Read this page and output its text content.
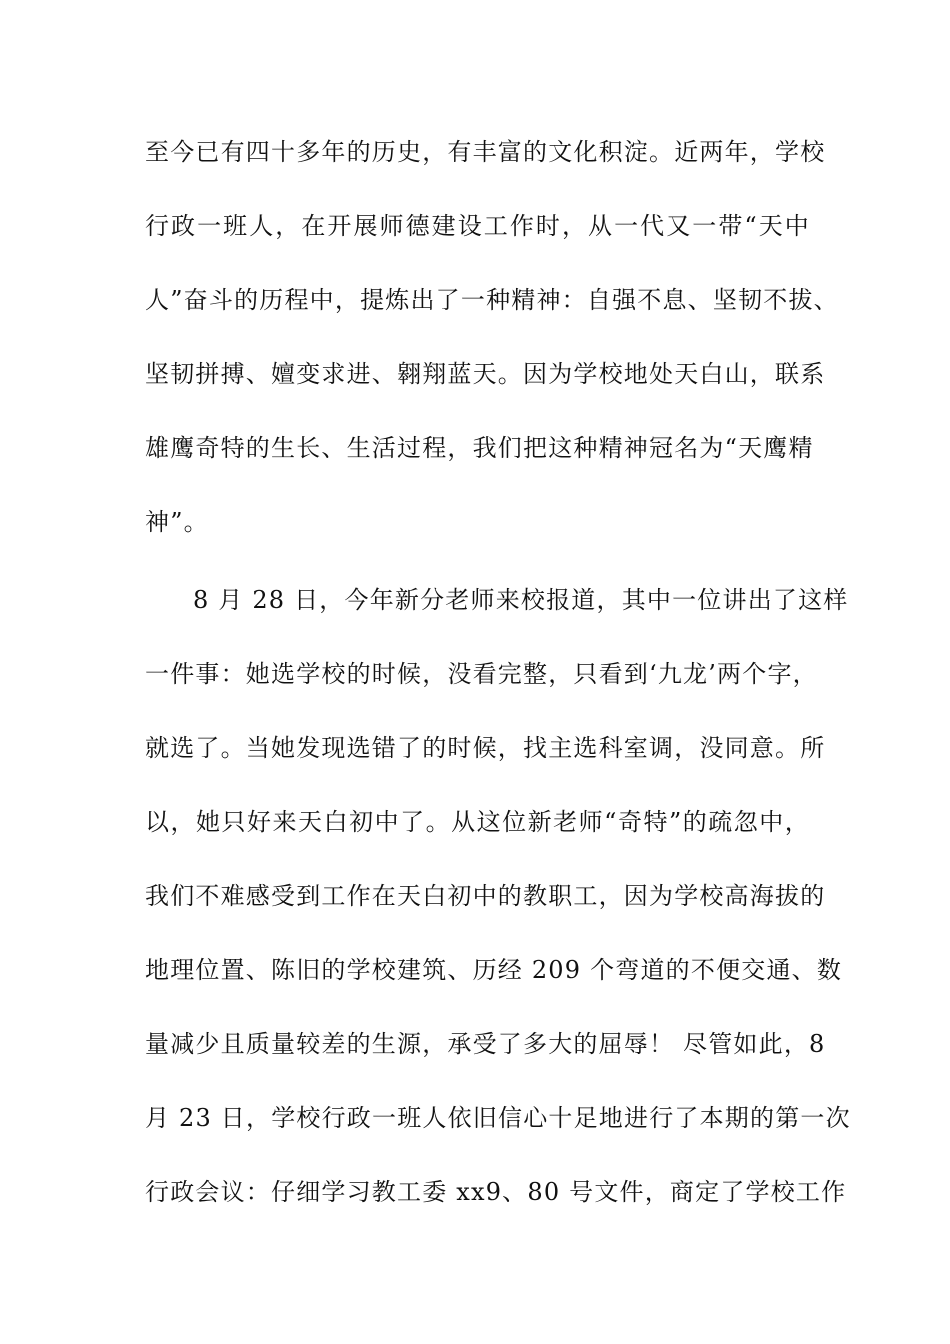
至今已有四十多年的历史，有丰富的文化积淀。近两年，学校
行政一班人，在开展师德建设工作时，从一代又一带“天中
人”奋斗的历程中，提炼出了一种精神：自强不息、坚韧不拔、
坚韧拼搏、嬗变求进、翱翔蓝天。因为学校地处天白山，联系
雄鹰奇特的生长、生活过程，我们把这种精神冠名为“天鹰精
神”。
8 月 28 日，今年新分老师来校报道，其中一位讲出了这样
一件事：她选学校的时候，没看完整，只看到‘九龙’两个字，
就选了。当她发现选错了的时候，找主选科室调，没同意。所
以，她只好来天白初中了。从这位新老师“奇特”的疏忽中，
我们不难感受到工作在天白初中的教职工，因为学校高海拔的
地理位置、陈旧的学校建筑、历经 209 个弯道的不便交通、数
量减少且质量较差的生源，承受了多大的屈辱！ 尽管如此，8
月 23 日，学校行政一班人依旧信心十足地进行了本期的第一次
行政会议：仔细学习教工委 xx9、80 号文件，商定了学校工作
